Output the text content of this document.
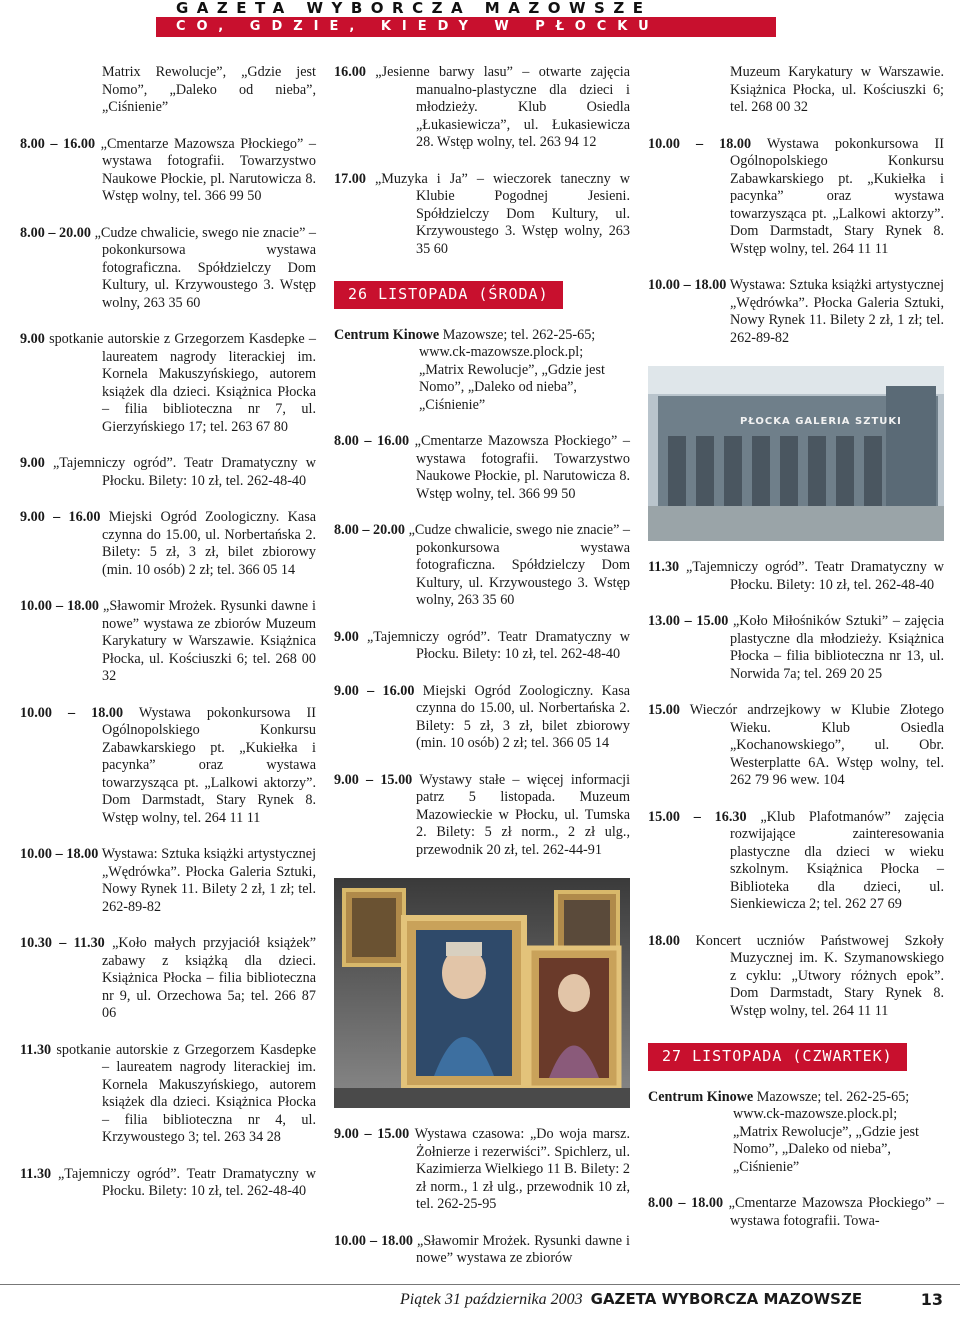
GAZETA WYBORCZA MAZOWSZE
CO, GDZIE, KIEDY W PŁOCKU
Matrix Rewolucje”, „Gdzie jest Nomo”, „Daleko od nieba”, „Ciśnienie”
8.00 – 16.00 „Cmentarze Mazowsza Płockiego” – wystawa fotografii. Towarzystwo Naukowe Płockie, pl. Narutowicza 8. Wstęp wolny, tel. 366 99 50
8.00 – 20.00 „Cudze chwalicie, swego nie znacie” – pokonkursowa wystawa fotograficzna. Spółdzielczy Dom Kultury, ul. Krzywoustego 3. Wstęp wolny, 263 35 60
9.00 spotkanie autorskie z Grzegorzem Kasdepke – laureatem nagrody literackiej im. Kornela Makuszyńskiego, autorem książek dla dzieci. Książnica Płocka – filia biblioteczna nr 7, ul. Gierzyńskiego 17; tel. 263 67 80
9.00 „Tajemniczy ogród”. Teatr Dramatyczny w Płocku. Bilety: 10 zł, tel. 262-48-40
9.00 – 16.00 Miejski Ogród Zoologiczny. Kasa czynna do 15.00, ul. Norbertańska 2. Bilety: 5 zł, 3 zł, bilet zbiorowy (min. 10 osób) 2 zł; tel. 366 05 14
10.00 – 18.00 „Sławomir Mrożek. Rysunki dawne i nowe” wystawa ze zbiorów Muzeum Karykatury w Warszawie. Książnica Płocka, ul. Kościuszki 6; tel. 268 00 32
10.00 – 18.00 Wystawa pokonkursowa II Ogólnopolskiego Konkursu Zabawkarskiego pt. „Kukiełka i pacynka” oraz wystawa towarzysząca pt. „Lalkowi aktorzy”. Dom Darmstadt, Stary Rynek 8. Wstęp wolny, tel. 264 11 11
10.00 – 18.00 Wystawa: Sztuka książki artystycznej „Wędrówka”. Płocka Galeria Sztuki, Nowy Rynek 11. Bilety 2 zł, 1 zł; tel. 262-89-82
10.30 – 11.30 „Koło małych przyjaciół książek” zabawy z książką dla dzieci. Książnica Płocka – filia biblioteczna nr 9, ul. Orzechowa 5a; tel. 266 87 06
11.30 spotkanie autorskie z Grzegorzem Kasdepke – laureatem nagrody literackiej im. Kornela Makuszyńskiego, autorem książek dla dzieci. Książnica Płocka – filia biblioteczna nr 4, ul. Krzywoustego 3; tel. 263 34 28
11.30 „Tajemniczy ogród”. Teatr Dramatyczny w Płocku. Bilety: 10 zł, tel. 262-48-40
16.00 „Jesienne barwy lasu” – otwarte zajęcia manualno-plastyczne dla dzieci i młodzieży. Klub Osiedla „Łukasiewicza”, ul. Łukasiewicza 28. Wstęp wolny, tel. 263 94 12
17.00 „Muzyka i Ja” – wieczorek taneczny w Klubie Pogodnej Jesieni. Spółdzielczy Dom Kultury, ul. Krzywoustego 3. Wstęp wolny, 263 35 60
26 LISTOPADA (ŚRODA)
Centrum Kinowe Mazowsze; tel. 262-25-65; www.ck-mazowsze.plock.pl; „Matrix Rewolucje”, „Gdzie jest Nomo”, „Daleko od nieba”, „Ciśnienie”
8.00 – 16.00 „Cmentarze Mazowsza Płockiego” – wystawa fotografii. Towarzystwo Naukowe Płockie, pl. Narutowicza 8. Wstęp wolny, tel. 366 99 50
8.00 – 20.00 „Cudze chwalicie, swego nie znacie” – pokonkursowa wystawa fotograficzna. Spółdzielczy Dom Kultury, ul. Krzywoustego 3. Wstęp wolny, 263 35 60
9.00 „Tajemniczy ogród”. Teatr Dramatyczny w Płocku. Bilety: 10 zł, tel. 262-48-40
9.00 – 16.00 Miejski Ogród Zoologiczny. Kasa czynna do 15.00, ul. Norbertańska 2. Bilety: 5 zł, 3 zł, bilet zbiorowy (min. 10 osób) 2 zł; tel. 366 05 14
9.00 – 15.00 Wystawy stałe – więcej informacji patrz 5 listopada. Muzeum Mazowieckie w Płocku, ul. Tumska 2. Bilety: 5 zł norm., 2 zł ulg., przewodnik 20 zł, tel. 262-44-91
9.00 – 15.00 Wystawa czasowa: „Do woja marsz. Żołnierze i rezerwiści”. Spichlerz, ul. Kazimierza Wielkiego 11 B. Bilety: 2 zł norm., 1 zł ulg., przewodnik 10 zł, tel. 262-25-95
10.00 – 18.00 „Sławomir Mrożek. Rysunki dawne i nowe” wystawa ze zbiorów
Muzeum Karykatury w Warszawie. Książnica Płocka, ul. Kościuszki 6; tel. 268 00 32
10.00 – 18.00 Wystawa pokonkursowa II Ogólnopolskiego Konkursu Zabawkarskiego pt. „Kukiełka i pacynka” oraz wystawa towarzysząca pt. „Lalkowi aktorzy”. Dom Darmstadt, Stary Rynek 8. Wstęp wolny, tel. 264 11 11
10.00 – 18.00 Wystawa: Sztuka książki artystycznej „Wędrówka”. Płocka Galeria Sztuki, Nowy Rynek 11. Bilety 2 zł, 1 zł; tel. 262-89-82
PŁOCKA GALERIA SZTUKI
11.30 „Tajemniczy ogród”. Teatr Dramatyczny w Płocku. Bilety: 10 zł, tel. 262-48-40
13.00 – 15.00 „Koło Miłośników Sztuki” – zajęcia plastyczne dla młodzieży. Książnica Płocka – filia biblioteczna nr 13, ul. Norwida 7a; tel. 269 20 25
15.00 Wieczór andrzejkowy w Klubie Złotego Wieku. Klub Osiedla „Kochanowskiego”, ul. Obr. Westerplatte 6A. Wstęp wolny, tel. 262 79 96 wew. 104
15.00 – 16.30 „Klub Plafotmanów” zajęcia rozwijające zainteresowania plastyczne dla dzieci w wieku szkolnym. Książnica Płocka – Biblioteka dla dzieci, ul. Sienkiewicza 2; tel. 262 27 69
18.00 Koncert uczniów Państwowej Szkoły Muzycznej im. K. Szymanowskiego z cyklu: „Utwory różnych epok”. Dom Darmstadt, Stary Rynek 8. Wstęp wolny, tel. 264 11 11
27 LISTOPADA (CZWARTEK)
Centrum Kinowe Mazowsze; tel. 262-25-65; www.ck-mazowsze.plock.pl; „Matrix Rewolucje”, „Gdzie jest Nomo”, „Daleko od nieba”, „Ciśnienie”
8.00 – 18.00 „Cmentarze Mazowsza Płockiego” – wystawa fotografii. Towa-
Piątek 31 października 2003 GAZETA WYBORCZA MAZOWSZE	13
